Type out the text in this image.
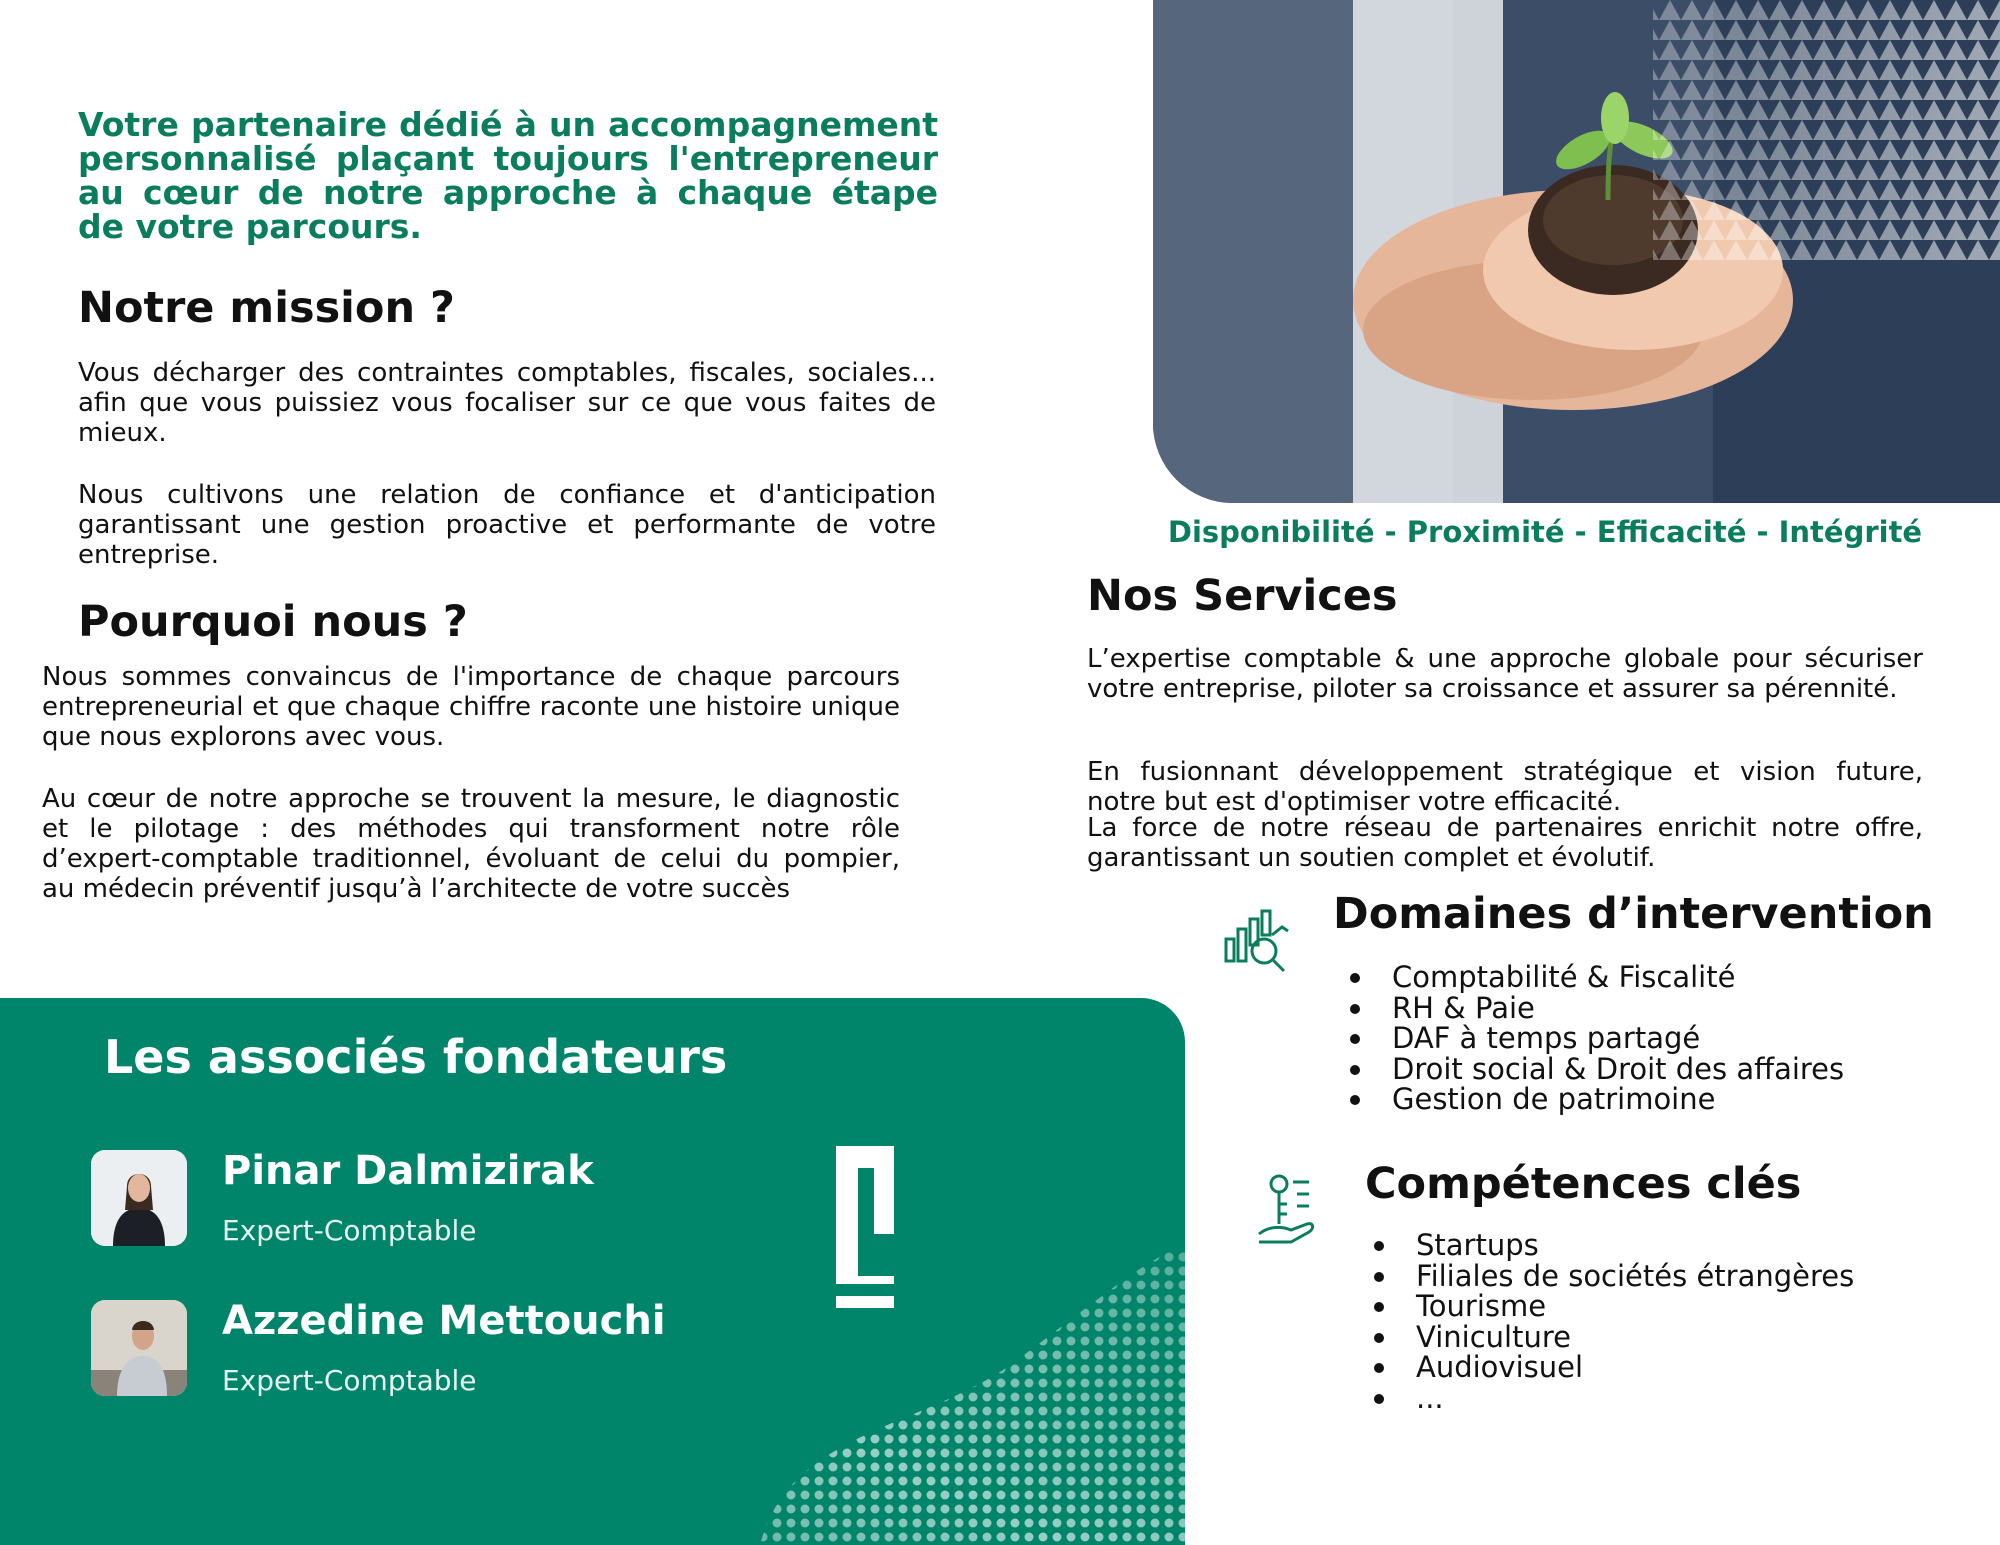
Votre partenaire dédié à un accompagnement personnalisé plaçant toujours l'entrepreneur au cœur de notre approche à chaque étape de votre parcours.
Notre mission ?

Vous décharger des contraintes comptables, fiscales, sociales... afin que vous puissiez vous focaliser sur ce que vous faites de mieux.

Nous cultivons une relation de confiance et d'anticipation garantissant une gestion proactive et performante de votre entreprise.

Pourquoi nous ?

Nous sommes convaincus de l'importance de chaque parcours entrepreneurial et que chaque chiffre raconte une histoire unique que nous explorons avec vous.

Au cœur de notre approche se trouvent la mesure, le diagnostic et le pilotage : des méthodes qui transforment notre rôle d’expert-comptable traditionnel, évoluant de celui du pompier, au médecin préventif jusqu’à l’architecte de votre succès

Disponibilité - Proximité - Efficacité - Intégrité
Nos Services

L’expertise comptable & une approche globale pour sécuriser votre entreprise, piloter sa croissance et assurer sa pérennité.

En fusionnant développement stratégique et vision future, notre but est d'optimiser votre efficacité.

La force de notre réseau de partenaires enrichit notre offre, garantissant un soutien complet et évolutif.

Domaines d’intervention
Comptabilité & Fiscalité
RH & Paie
DAF à temps partagé
Droit social & Droit des affaires
Gestion de patrimoine
Compétences clés
Startups
Filiales de sociétés étrangères
Tourisme
Viniculture
Audiovisuel
...
Les associés fondateurs
Pinar Dalmizirak
Expert-Comptable
Azzedine Mettouchi
Expert-Comptable
